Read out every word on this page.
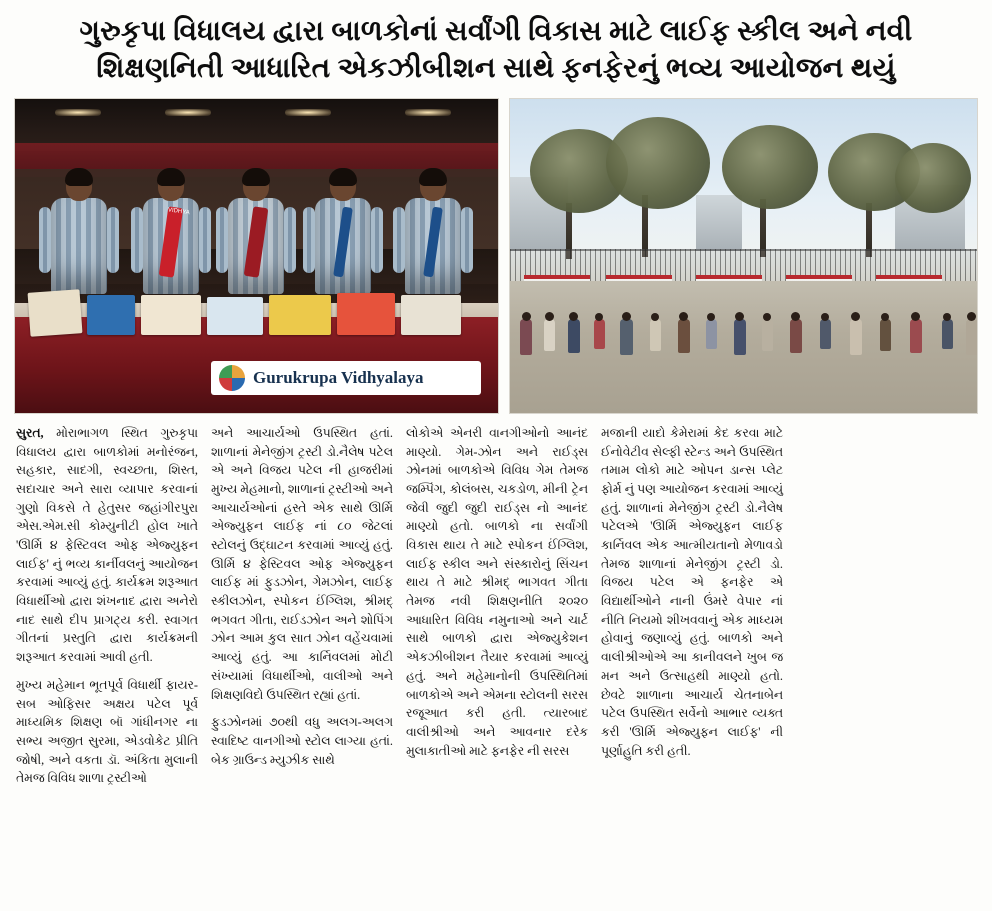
ગુરુકૃપા વિધાલય દ્વારા બાળકોનાં સર્વાંગી વિકાસ માટે લાઈફ સ્કીલ અને નવી
શિક્ષણનિતી આધારિત એકઝીબીશન સાથે ફનફેરનું ભવ્ય આયોજન થયું
VIDHYA
Gurukrupa Vidhyalaya

સુરત, મોરાભાગળ સ્થિત ગુરુકૃપા વિધાલય દ્વારા બાળકોમાં મનોરંજન, સહકાર, સાદગી, સ્વચ્છતા, શિસ્ત, સદાચાર અને સારા વ્યાપાર કરવાનાં ગુણો વિકસે તે હેતુસર જહાંગીરપુરા એસ.એમ.સી કોમ્યુનીટી હોલ ખાતે 'ઊર્મિ ૪ ફેસ્ટિવલ ઓફ એજ્યુફન લાઈફ' નું ભવ્ય કાર્નીવલનું આયોજન કરવામાં આવ્યું હતું. કાર્યક્રમ શરૂઆત વિધાર્થીઓ દ્વારા શંખનાદ દ્વારા અનેરો નાદ સાથે દીપ પ્રાગટ્ય કરી. સ્વાગત ગીતનાં પ્રસ્તુતિ દ્વારા કાર્યક્રમની શરૂઆત કરવામાં આવી હતી.

મુખ્ય મહેમાન ભૂતપૂર્વ વિધાર્થી ફાયર-સબ ઓફિસર અક્ષય પટેલ પૂર્વ માધ્યમિક શિક્ષણ બૉ ગાંધીનગર ના સભ્ય અજીત સુરમા, એડવોકેટ પ્રીતિ જોષી, અને વકતા ડૉ. અંકિતા મુલાની તેમજ વિવિધ શાળા ટ્રસ્ટીઓ

અને આચાર્યઓ ઉપસ્થિત હતાં. શાળાનાં મેનેજીંગ ટ્રસ્ટી ડો.નૈલેષ પટેલ એ અને વિજય પટેલ ની હાજરીમાં મુખ્ય મેહમાનો, શાળાનાં ટ્રસ્ટીઓ અને આચાર્યઓનાં હસ્તે એક સાથે ઊર્મિ એજ્યુફન લાઈફ નાં ૮૦ જેટલાં સ્ટોલનું ઉદ્ઘાટન કરવામાં આવ્યું હતું. ઊર્મિ ૪ ફેસ્ટિવલ ઓફ એજ્યુફન લાઈફ માં ફુડઝોન, ગેમઝોન, લાઈફ સ્કીલઝોન, સ્પોકન ઈંગ્લિશ, શ્રીમદ્ ભગવત ગીતા, રાઈડઝોન અને શોપિંગ ઝોન આમ કુલ સાત ઝોન વહેંચવામાં આવ્યું હતું. આ કાર્નિવલમાં મોટી સંખ્યામાં વિધાર્થીઓ, વાલીઓ અને શિક્ષણવિદો ઉપસ્થિત રહ્યાં હતાં.

ફુડઝોનમાં ૭૦થી વધુ અલગ-અલગ સ્વાદિષ્ટ વાનગીઓ સ્ટોલ લાગ્યા હતાં. બેક ગ્રાઉન્ડ મ્યુઝીક સાથે

લોકોએ એનરી વાનગીઓનો આનંદ માણ્યો. ગેમ-ઝોન અને રાઈડ્સ ઝોનમાં બાળકોએ વિવિધ ગેમ તેમજ જમ્પિંગ, કોલંબસ, ચકડોળ, મીની ટ્રેન જેવી જુદી જુદી રાઈડ્સ નો આનંદ માણ્યો હતો. બાળકો ના સર્વાંગી વિકાસ થાય તે માટે સ્પોકન ઈંગ્લિશ, લાઈફ સ્કીલ અને સંસ્કારોનું સિંચન થાય તે માટે શ્રીમદ્ ભાગવત ગીતા તેમજ નવી શિક્ષણનીતિ ૨૦૨૦ આધારિત વિવિધ નમુનાઓ અને ચાર્ટ સાથે બાળકો દ્વારા એજ્યુકેશન એકઝીબીશન તૈયાર કરવામાં આવ્યું હતું. અને મહેમાનોની ઉપસ્થિતિમાં બાળકોએ અને એમના સ્ટોલની સરસ રજૂઆત કરી હતી. ત્યારબાદ વાલીશ્રીઓ અને આવનાર દરેક મુલાકાતીઓ માટે ફનફેર ની સરસ

મજાની યાદો કેમેરામાં કેદ કરવા માટે ઈનોવેટીવ સેલ્ફી સ્ટેન્ડ અને ઉપસ્થિત તમામ લોકો માટે ઓપન ડાન્સ પ્લેટ ફોર્મ નું પણ આયોજન કરવામાં આવ્યું હતું. શાળાનાં મેનેજીંગ ટ્રસ્ટી ડો.નૈલેષ પટેલએ 'ઊર્મિ એજ્યુફન લાઈફ કાર્નિવલ એક આત્મીયતાનો મેળાવડો તેમજ શાળાનાં મેનેજીંગ ટ્રસ્ટી ડો. વિજય પટેલ એ ફનફેર એ વિદ્યાર્થીઓને નાની ઉંમરે વેપાર નાં નીતિ નિયમો શીખવવાનું એક માધ્યમ હોવાનું જણાવ્યું હતું. બાળકો અને વાલીશ્રીઓએ આ કાનીવલને ખુબ જ મન અને ઉત્સાહથી માણ્યો હતો. છેવટે શાળાના આચાર્ય ચેતનાબેન પટેલ ઉપસ્થિત સર્વેનો આભાર વ્યક્ત કરી 'ઊર્મિ એજ્યુફન લાઈફ' ની પૂર્ણાહુતિ કરી હતી.
